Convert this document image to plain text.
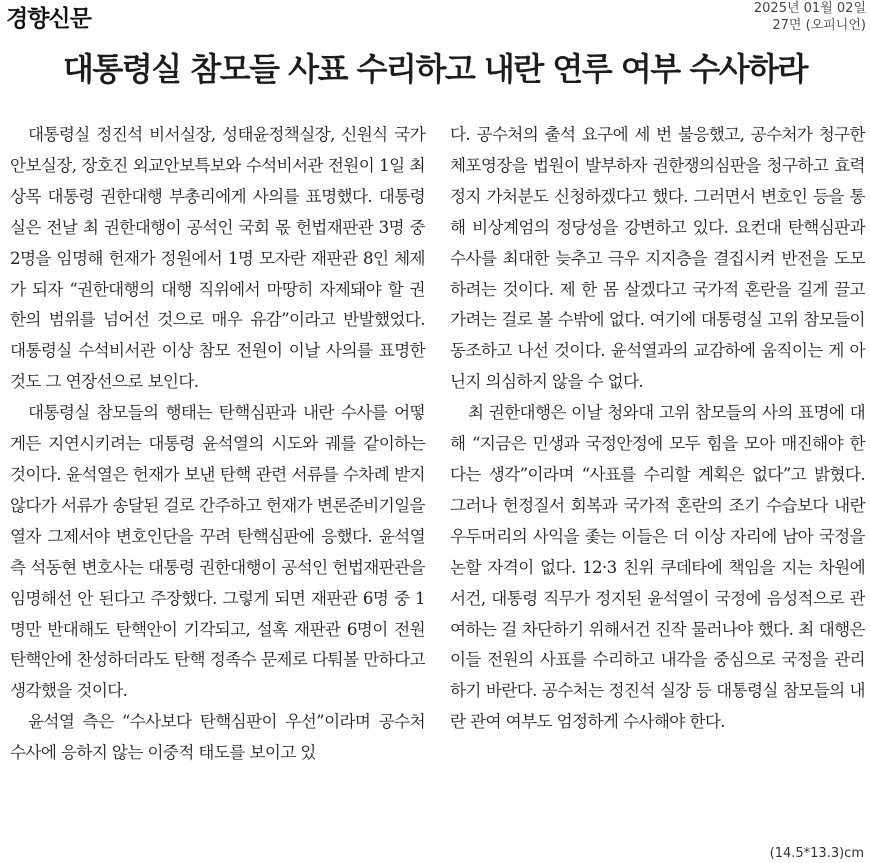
경향신문	2025년 01월 02일
27면 (오피니언)
대통령실 참모들 사표 수리하고 내란 연루 여부 수사하라

대통령실 정진석 비서실장, 성태윤정책실장, 신원식 국가안보실장, 장호진 외교안보특보와 수석비서관 전원이 1일 최상목 대통령 권한대행 부총리에게 사의를 표명했다. 대통령실은 전날 최 권한대행이 공석인 국회 몫 헌법재판관 3명 중 2명을 임명해 헌재가 정원에서 1명 모자란 재판관 8인 체제가 되자 “권한대행의 대행 직위에서 마땅히 자제돼야 할 권한의 범위를 넘어선 것으로 매우 유감”이라고 반발했었다. 대통령실 수석비서관 이상 참모 전원이 이날 사의를 표명한 것도 그 연장선으로 보인다.

대통령실 참모들의 행태는 탄핵심판과 내란 수사를 어떻게든 지연시키려는 대통령 윤석열의 시도와 궤를 같이하는 것이다. 윤석열은 헌재가 보낸 탄핵 관련 서류를 수차례 받지 않다가 서류가 송달된 걸로 간주하고 헌재가 변론준비기일을 열자 그제서야 변호인단을 꾸려 탄핵심판에 응했다. 윤석열 측 석동현 변호사는 대통령 권한대행이 공석인 헌법재판관을 임명해선 안 된다고 주장했다. 그렇게 되면 재판관 6명 중 1명만 반대해도 탄핵안이 기각되고, 설혹 재판관 6명이 전원 탄핵안에 찬성하더라도 탄핵 정족수 문제로 다퉈볼 만하다고 생각했을 것이다.

윤석열 측은 “수사보다 탄핵심판이 우선”이라며 공수처 수사에 응하지 않는 이중적 태도를 보이고 있

다. 공수처의 출석 요구에 세 번 불응했고, 공수처가 청구한 체포영장을 법원이 발부하자 권한쟁의심판을 청구하고 효력정지 가처분도 신청하겠다고 했다. 그러면서 변호인 등을 통해 비상계엄의 정당성을 강변하고 있다. 요컨대 탄핵심판과 수사를 최대한 늦추고 극우 지지층을 결집시켜 반전을 도모하려는 것이다. 제 한 몸 살겠다고 국가적 혼란을 길게 끌고 가려는 걸로 볼 수밖에 없다. 여기에 대통령실 고위 참모들이 동조하고 나선 것이다. 윤석열과의 교감하에 움직이는 게 아닌지 의심하지 않을 수 없다.

최 권한대행은 이날 청와대 고위 참모들의 사의 표명에 대해 “지금은 민생과 국정안정에 모두 힘을 모아 매진해야 한다는 생각”이라며 “사표를 수리할 계획은 없다”고 밝혔다. 그러나 헌정질서 회복과 국가적 혼란의 조기 수습보다 내란 우두머리의 사익을 좇는 이들은 더 이상 자리에 남아 국정을 논할 자격이 없다. 12·3 친위 쿠데타에 책임을 지는 차원에서건, 대통령 직무가 정지된 윤석열이 국정에 음성적으로 관여하는 걸 차단하기 위해서건 진작 물러나야 했다. 최 대행은 이들 전원의 사표를 수리하고 내각을 중심으로 국정을 관리하기 바란다. 공수처는 정진석 실장 등 대통령실 참모들의 내란 관여 여부도 엄정하게 수사해야 한다.

(14.5*13.3)cm
